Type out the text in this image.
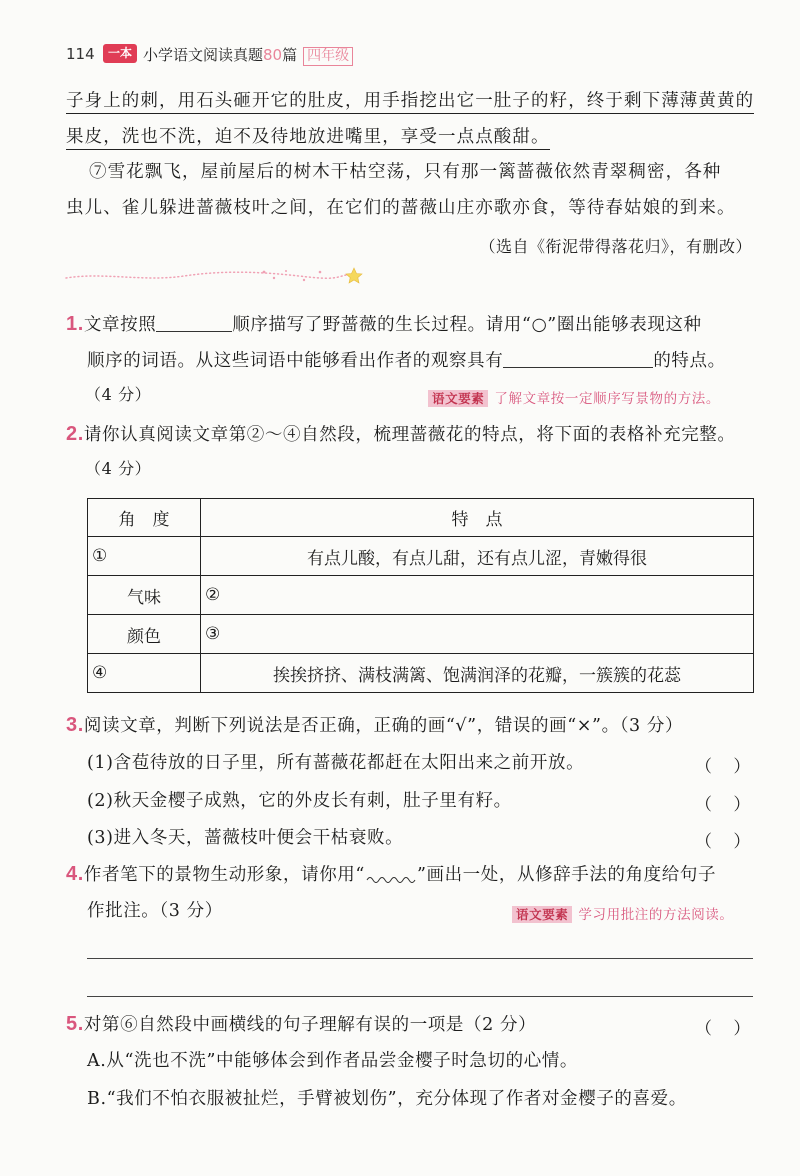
114	一本 小学语文阅读真题80篇 四年级
子身上的刺，用石头砸开它的肚皮，用手指挖出它一肚子的籽，终于剩下薄薄黄黄的
果皮，洗也不洗，迫不及待地放进嘴里，享受一点点酸甜。
⑦雪花飘飞，屋前屋后的树木干枯空荡，只有那一篱蔷薇依然青翠稠密，各种
虫儿、雀儿躲进蔷薇枝叶之间，在它们的蔷薇山庄亦歌亦食，等待春姑娘的到来。
（选自《衔泥带得落花归》，有删改）
1.文章按照	顺序描写了野蔷薇的生长过程。请用“○”圈出能够表现这种
顺序的词语。从这些词语中能够看出作者的观察具有	的特点。
（4 分）	语文要素 了解文章按一定顺序写景物的方法。
2.请你认真阅读文章第②～④自然段，梳理蔷薇花的特点，将下面的表格补充完整。
（4 分）
角　度	特　点
①	有点儿酸，有点儿甜，还有点儿涩，青嫩得很
气味	②
颜色	③
④	挨挨挤挤、满枝满篱、饱满润泽的花瓣，一簇簇的花蕊
3.阅读文章，判断下列说法是否正确，正确的画“√”，错误的画“×”。（3 分）
(1)含苞待放的日子里，所有蔷薇花都赶在太阳出来之前开放。	（ ）
(2)秋天金樱子成熟，它的外皮长有刺，肚子里有籽。	（ ）
(3)进入冬天，蔷薇枝叶便会干枯衰败。	（ ）
4.作者笔下的景物生动形象，请你用“	”画出一处，从修辞手法的角度给句子
作批注。（3 分）	语文要素 学习用批注的方法阅读。
5.对第⑥自然段中画横线的句子理解有误的一项是（2 分）	（ ）
A.从“洗也不洗”中能够体会到作者品尝金樱子时急切的心情。
B.“我们不怕衣服被扯烂，手臂被划伤”，充分体现了作者对金樱子的喜爱。
